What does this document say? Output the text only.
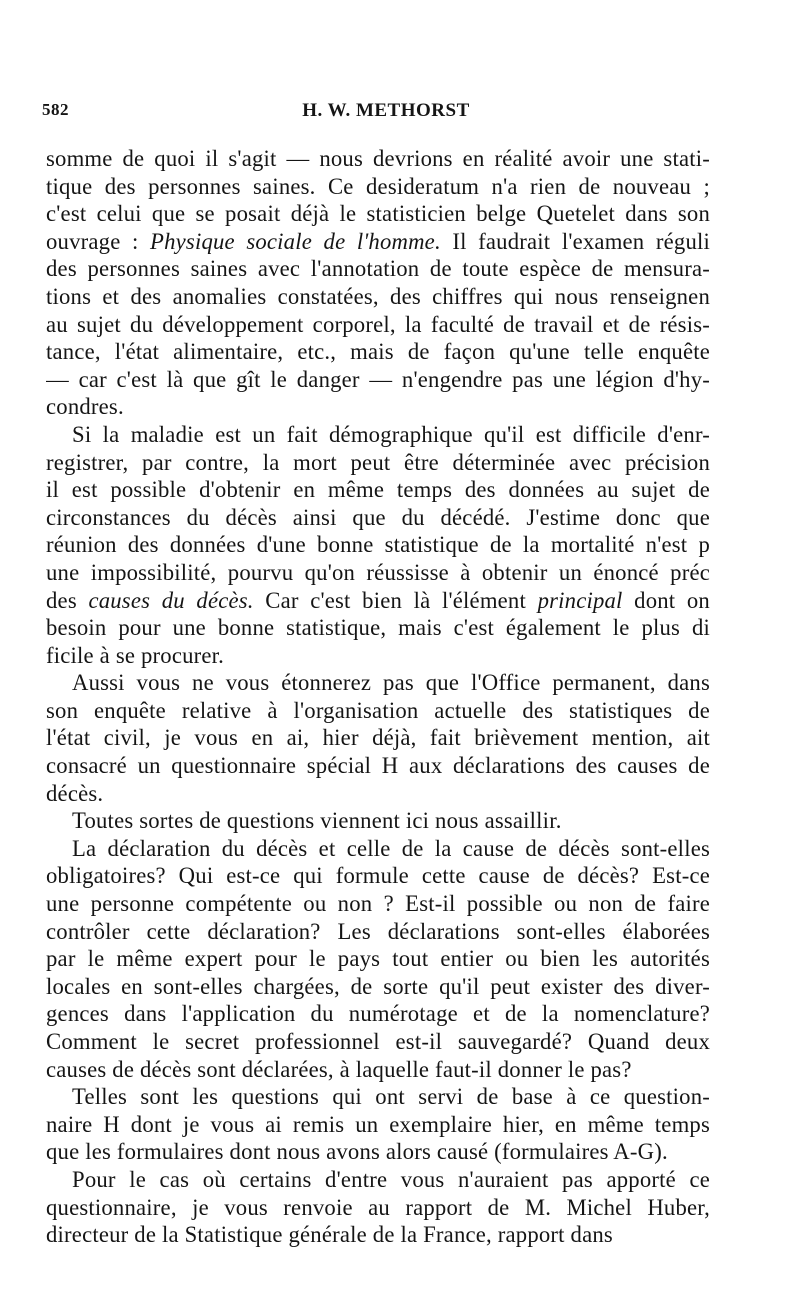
582	H. W. METHORST

somme de quoi il s'agit — nous devrions en réalité avoir une stati-
tique des personnes saines. Ce desideratum n'a rien de nouveau ;
c'est celui que se posait déjà le statisticien belge Quetelet dans son
ouvrage : Physique sociale de l'homme. Il faudrait l'examen réguli
des personnes saines avec l'annotation de toute espèce de mensura-
tions et des anomalies constatées, des chiffres qui nous renseignen
au sujet du développement corporel, la faculté de travail et de résis-
tance, l'état alimentaire, etc., mais de façon qu'une telle enquête
— car c'est là que gît le danger — n'engendre pas une légion d'hy-
condres.

Si la maladie est un fait démographique qu'il est difficile d'enr-
registrer, par contre, la mort peut être déterminée avec précision
il est possible d'obtenir en même temps des données au sujet de
circonstances du décès ainsi que du décédé. J'estime donc que
réunion des données d'une bonne statistique de la mortalité n'est p
une impossibilité, pourvu qu'on réussisse à obtenir un énoncé préc
des causes du décès. Car c'est bien là l'élément principal dont on
besoin pour une bonne statistique, mais c'est également le plus di
ficile à se procurer.

Aussi vous ne vous étonnerez pas que l'Office permanent, dans
son enquête relative à l'organisation actuelle des statistiques de
l'état civil, je vous en ai, hier déjà, fait brièvement mention, ait
consacré un questionnaire spécial H aux déclarations des causes de
décès.

Toutes sortes de questions viennent ici nous assaillir.

La déclaration du décès et celle de la cause de décès sont-elles
obligatoires? Qui est-ce qui formule cette cause de décès? Est-ce
une personne compétente ou non ? Est-il possible ou non de faire
contrôler cette déclaration? Les déclarations sont-elles élaborées
par le même expert pour le pays tout entier ou bien les autorités
locales en sont-elles chargées, de sorte qu'il peut exister des diver-
gences dans l'application du numérotage et de la nomenclature?
Comment le secret professionnel est-il sauvegardé? Quand deux
causes de décès sont déclarées, à laquelle faut-il donner le pas?

Telles sont les questions qui ont servi de base à ce question-
naire H dont je vous ai remis un exemplaire hier, en même temps
que les formulaires dont nous avons alors causé (formulaires A-G).

Pour le cas où certains d'entre vous n'auraient pas apporté ce
questionnaire, je vous renvoie au rapport de M. Michel Huber,
directeur de la Statistique générale de la France, rapport dans
